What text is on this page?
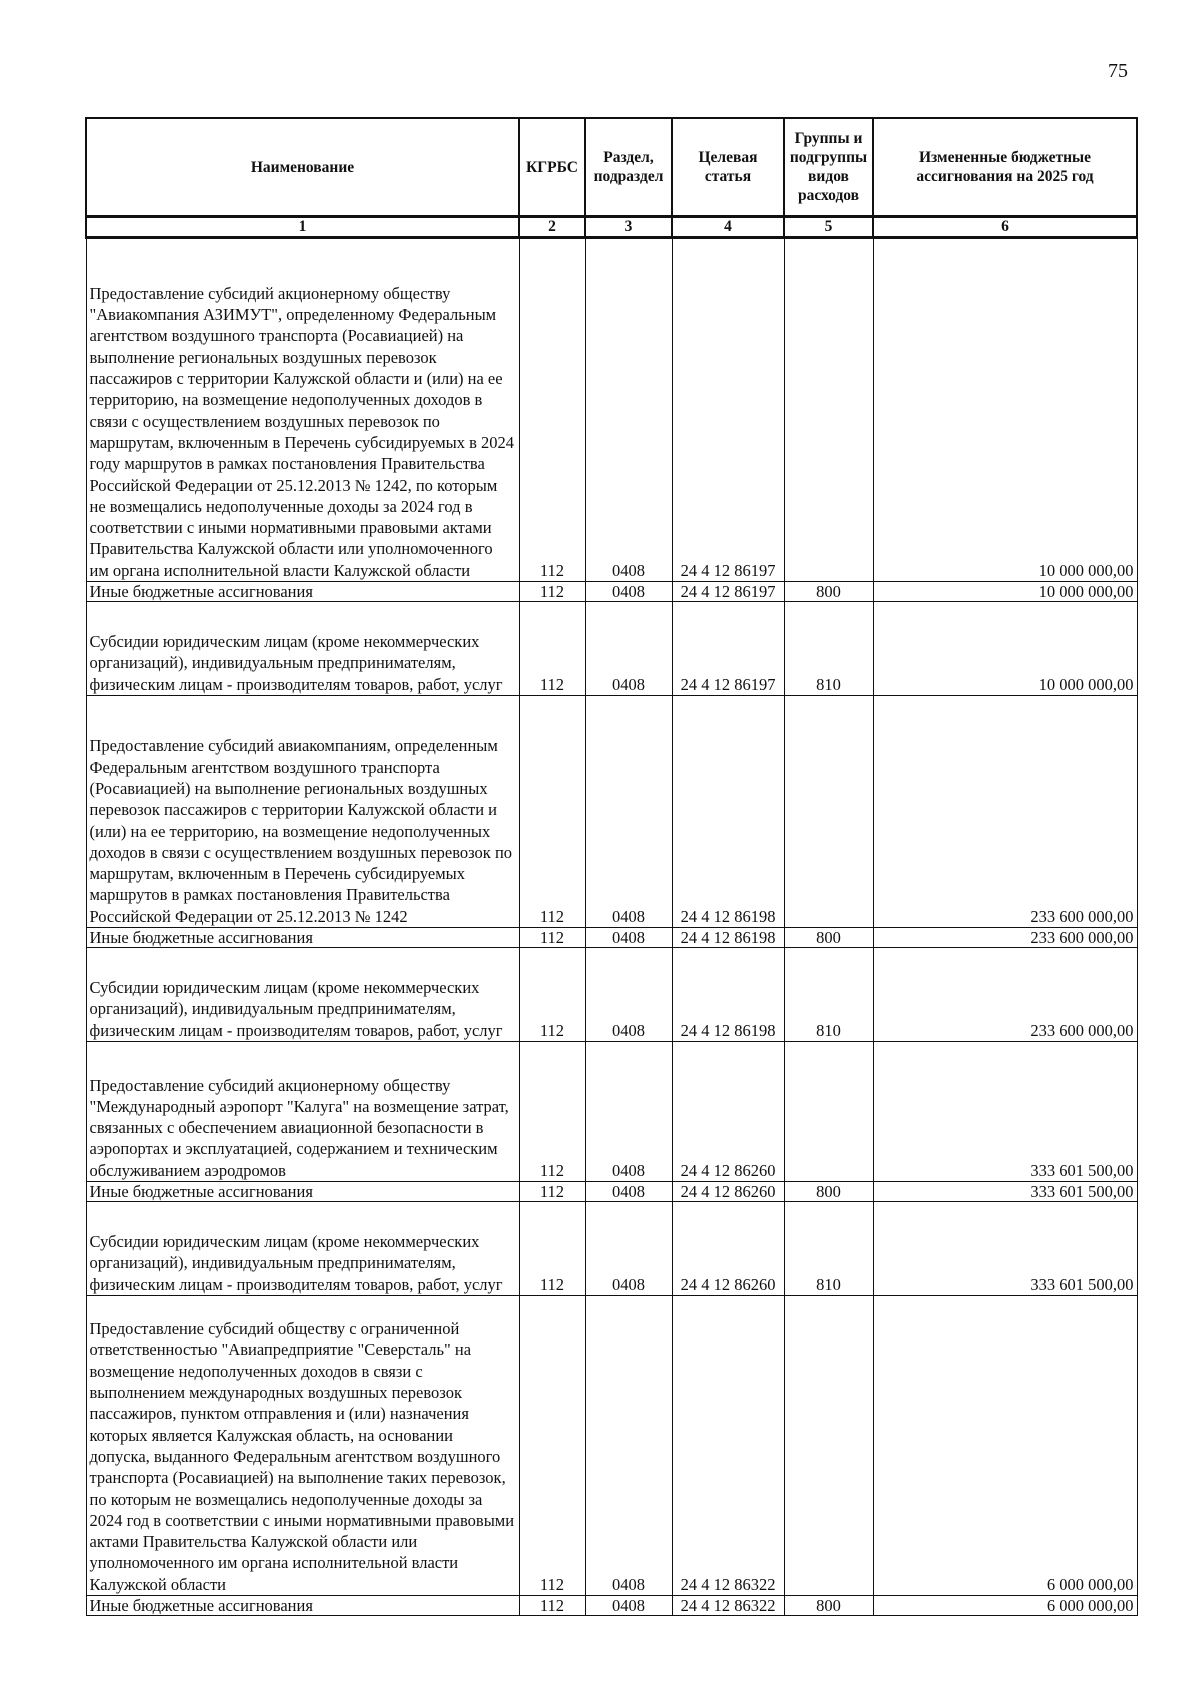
75
Наименование	КГРБС	Раздел, подраздел	Целевая статья	Группы и подгруппы видов расходов	Измененные бюджетные ассигнования на 2025 год
1	2	3	4	5	6
Предоставление субсидий акционерному обществу "Авиакомпания АЗИМУТ", определенному Федеральным агентством воздушного транспорта (Росавиацией) на выполнение региональных воздушных перевозок пассажиров с территории Калужской области и (или) на ее территорию, на возмещение недополученных доходов в связи с осуществлением воздушных перевозок по маршрутам, включенным в Перечень субсидируемых в 2024 году маршрутов в рамках постановления Правительства Российской Федерации от 25.12.2013 № 1242, по которым не возмещались недополученные доходы за 2024 год в соответствии с иными нормативными правовыми актами Правительства Калужской области или уполномоченного им органа исполнительной власти Калужской области	112	0408	24 4 12 86197		10 000 000,00
Иные бюджетные ассигнования	112	0408	24 4 12 86197	800	10 000 000,00
Субсидии юридическим лицам (кроме некоммерческих организаций), индивидуальным предпринимателям, физическим лицам - производителям товаров, работ, услуг	112	0408	24 4 12 86197	810	10 000 000,00
Предоставление субсидий авиакомпаниям, определенным Федеральным агентством воздушного транспорта (Росавиацией) на выполнение региональных воздушных перевозок пассажиров с территории Калужской области и (или) на ее территорию, на возмещение недополученных доходов в связи с осуществлением воздушных перевозок по маршрутам, включенным в Перечень субсидируемых маршрутов в рамках постановления Правительства Российской Федерации от 25.12.2013 № 1242	112	0408	24 4 12 86198		233 600 000,00
Иные бюджетные ассигнования	112	0408	24 4 12 86198	800	233 600 000,00
Субсидии юридическим лицам (кроме некоммерческих организаций), индивидуальным предпринимателям, физическим лицам - производителям товаров, работ, услуг	112	0408	24 4 12 86198	810	233 600 000,00
Предоставление субсидий акционерному обществу "Международный аэропорт "Калуга" на возмещение затрат, связанных с обеспечением авиационной безопасности в аэропортах и эксплуатацией, содержанием и техническим обслуживанием аэродромов	112	0408	24 4 12 86260		333 601 500,00
Иные бюджетные ассигнования	112	0408	24 4 12 86260	800	333 601 500,00
Субсидии юридическим лицам (кроме некоммерческих организаций), индивидуальным предпринимателям, физическим лицам - производителям товаров, работ, услуг	112	0408	24 4 12 86260	810	333 601 500,00
Предоставление субсидий обществу с ограниченной ответственностью "Авиапредприятие "Северсталь" на возмещение недополученных доходов в связи с выполнением международных воздушных перевозок пассажиров, пунктом отправления и (или) назначения которых является Калужская область, на основании допуска, выданного Федеральным агентством воздушного транспорта (Росавиацией) на выполнение таких перевозок, по которым не возмещались недополученные доходы за 2024 год в соответствии с иными нормативными правовыми актами Правительства Калужской области или уполномоченного им органа исполнительной власти Калужской области	112	0408	24 4 12 86322		6 000 000,00
Иные бюджетные ассигнования	112	0408	24 4 12 86322	800	6 000 000,00
